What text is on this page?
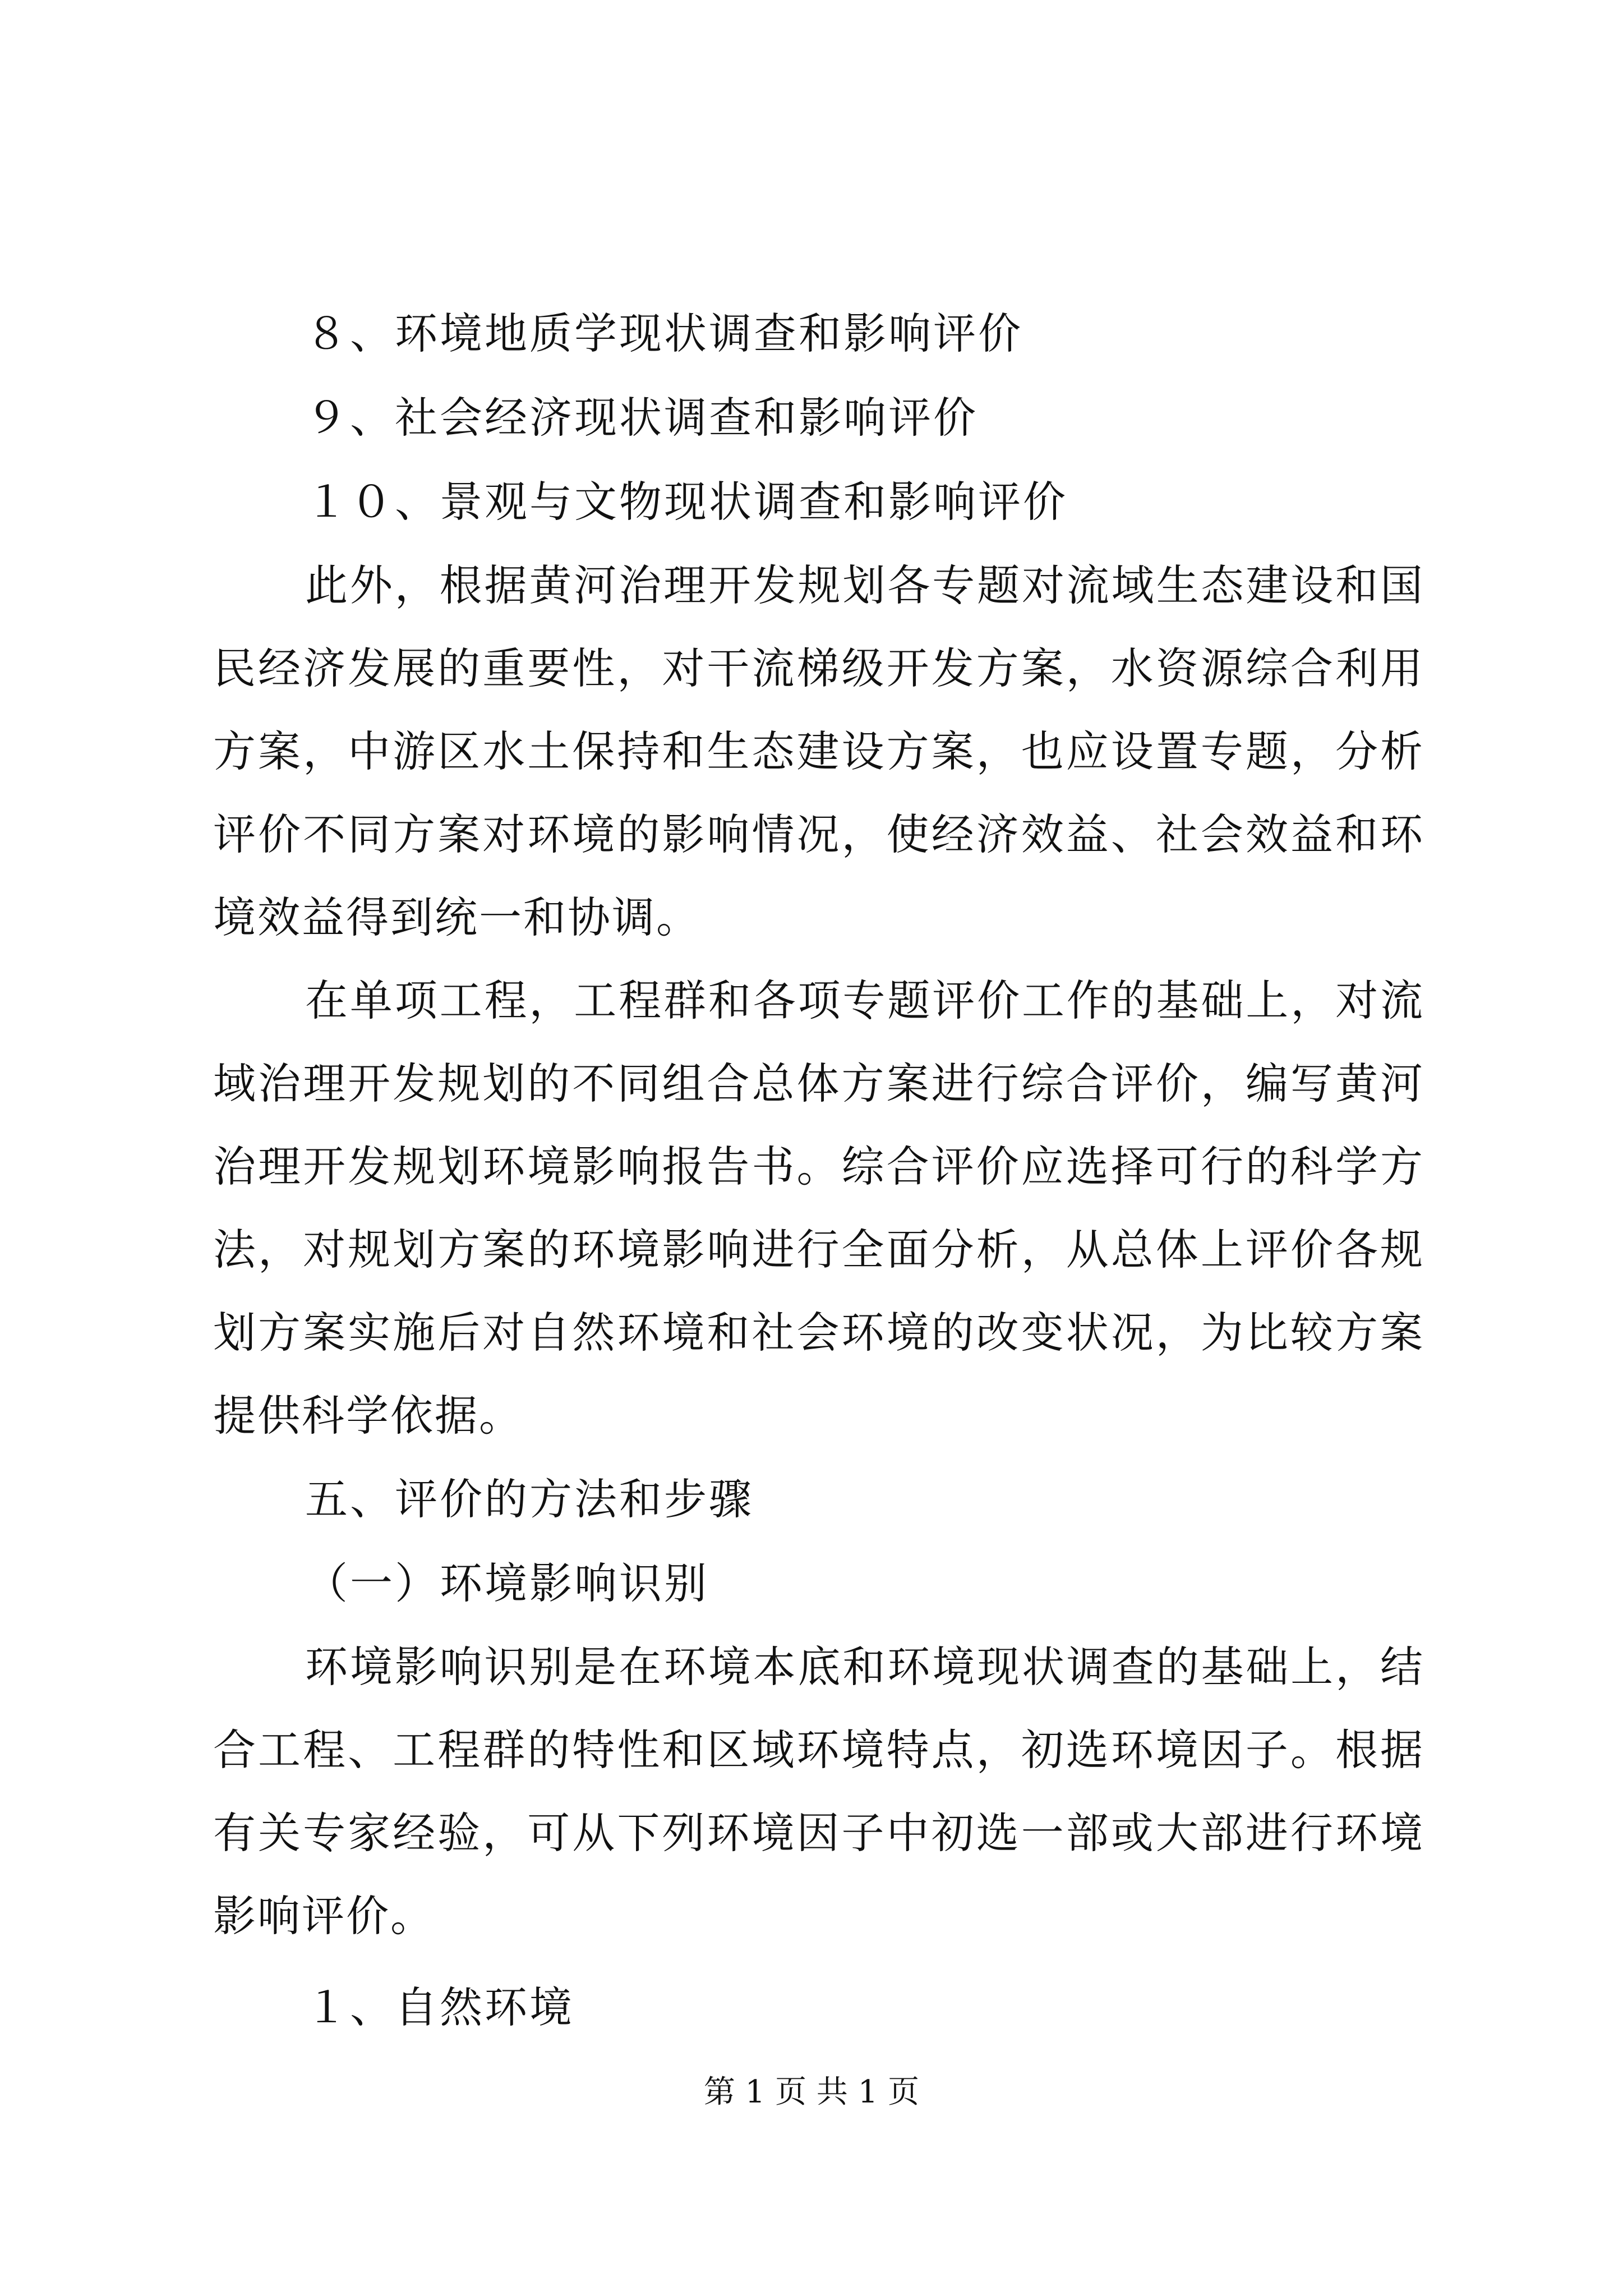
８、环境地质学现状调查和影响评价
９、社会经济现状调查和影响评价
１０、景观与文物现状调查和影响评价

此外，根据黄河治理开发规划各专题对流域生态建设和国民经济发展的重要性，对干流梯级开发方案，水资源综合利用方案，中游区水土保持和生态建设方案，也应设置专题，分析评价不同方案对环境的影响情况，使经济效益、社会效益和环境效益得到统一和协调。

在单项工程，工程群和各项专题评价工作的基础上，对流域治理开发规划的不同组合总体方案进行综合评价，编写黄河治理开发规划环境影响报告书。综合评价应选择可行的科学方法，对规划方案的环境影响进行全面分析，从总体上评价各规划方案实施后对自然环境和社会环境的改变状况，为比较方案提供科学依据。

五、评价的方法和步骤
（一）环境影响识别

环境影响识别是在环境本底和环境现状调查的基础上，结合工程、工程群的特性和区域环境特点，初选环境因子。根据有关专家经验，可从下列环境因子中初选一部或大部进行环境影响评价。

１、自然环境
第 1 页 共 1 页
